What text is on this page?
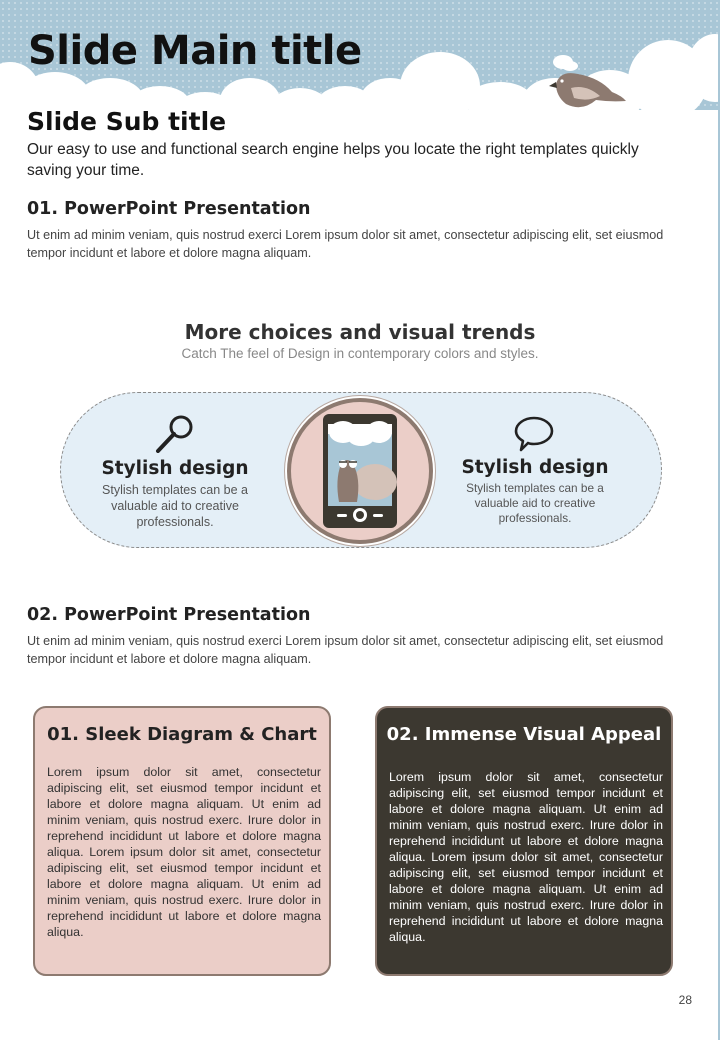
Slide Main title
Slide Sub title
Our easy to use and functional search engine helps you locate the right templates quickly saving your time.
01. PowerPoint Presentation
Ut enim ad minim veniam, quis nostrud exerci Lorem ipsum dolor sit amet, consectetur adipiscing elit, set eiusmod tempor incidunt et labore et dolore magna aliquam.
More choices and visual trends
Catch The feel of Design in contemporary colors and styles.
Stylish design
Stylish templates can be a valuable aid to creative professionals.
Stylish design
Stylish templates can be a valuable aid to creative professionals.
02. PowerPoint Presentation
Ut enim ad minim veniam, quis nostrud exerci Lorem ipsum dolor sit amet, consectetur adipiscing elit, set eiusmod tempor incidunt et labore et dolore magna aliquam.
01. Sleek Diagram & Chart
Lorem ipsum dolor sit amet, consectetur adipiscing elit, set eiusmod tempor incidunt et labore et dolore magna aliquam. Ut enim ad minim veniam, quis nostrud exerc. Irure dolor in reprehend incididunt ut labore et dolore magna aliqua. Lorem ipsum dolor sit amet, consectetur adipiscing elit, set eiusmod tempor incidunt et labore et dolore magna aliquam. Ut enim ad minim veniam, quis nostrud exerc. Irure dolor in reprehend incididunt ut labore et dolore magna aliqua.
02. Immense Visual Appeal
Lorem ipsum dolor sit amet, consectetur adipiscing elit, set eiusmod tempor incidunt et labore et dolore magna aliquam. Ut enim ad minim veniam, quis nostrud exerc. Irure dolor in reprehend incididunt ut labore et dolore magna aliqua. Lorem ipsum dolor sit amet, consectetur adipiscing elit, set eiusmod tempor incidunt et labore et dolore magna aliquam. Ut enim ad minim veniam, quis nostrud exerc. Irure dolor in reprehend incididunt ut labore et dolore magna aliqua.
28
